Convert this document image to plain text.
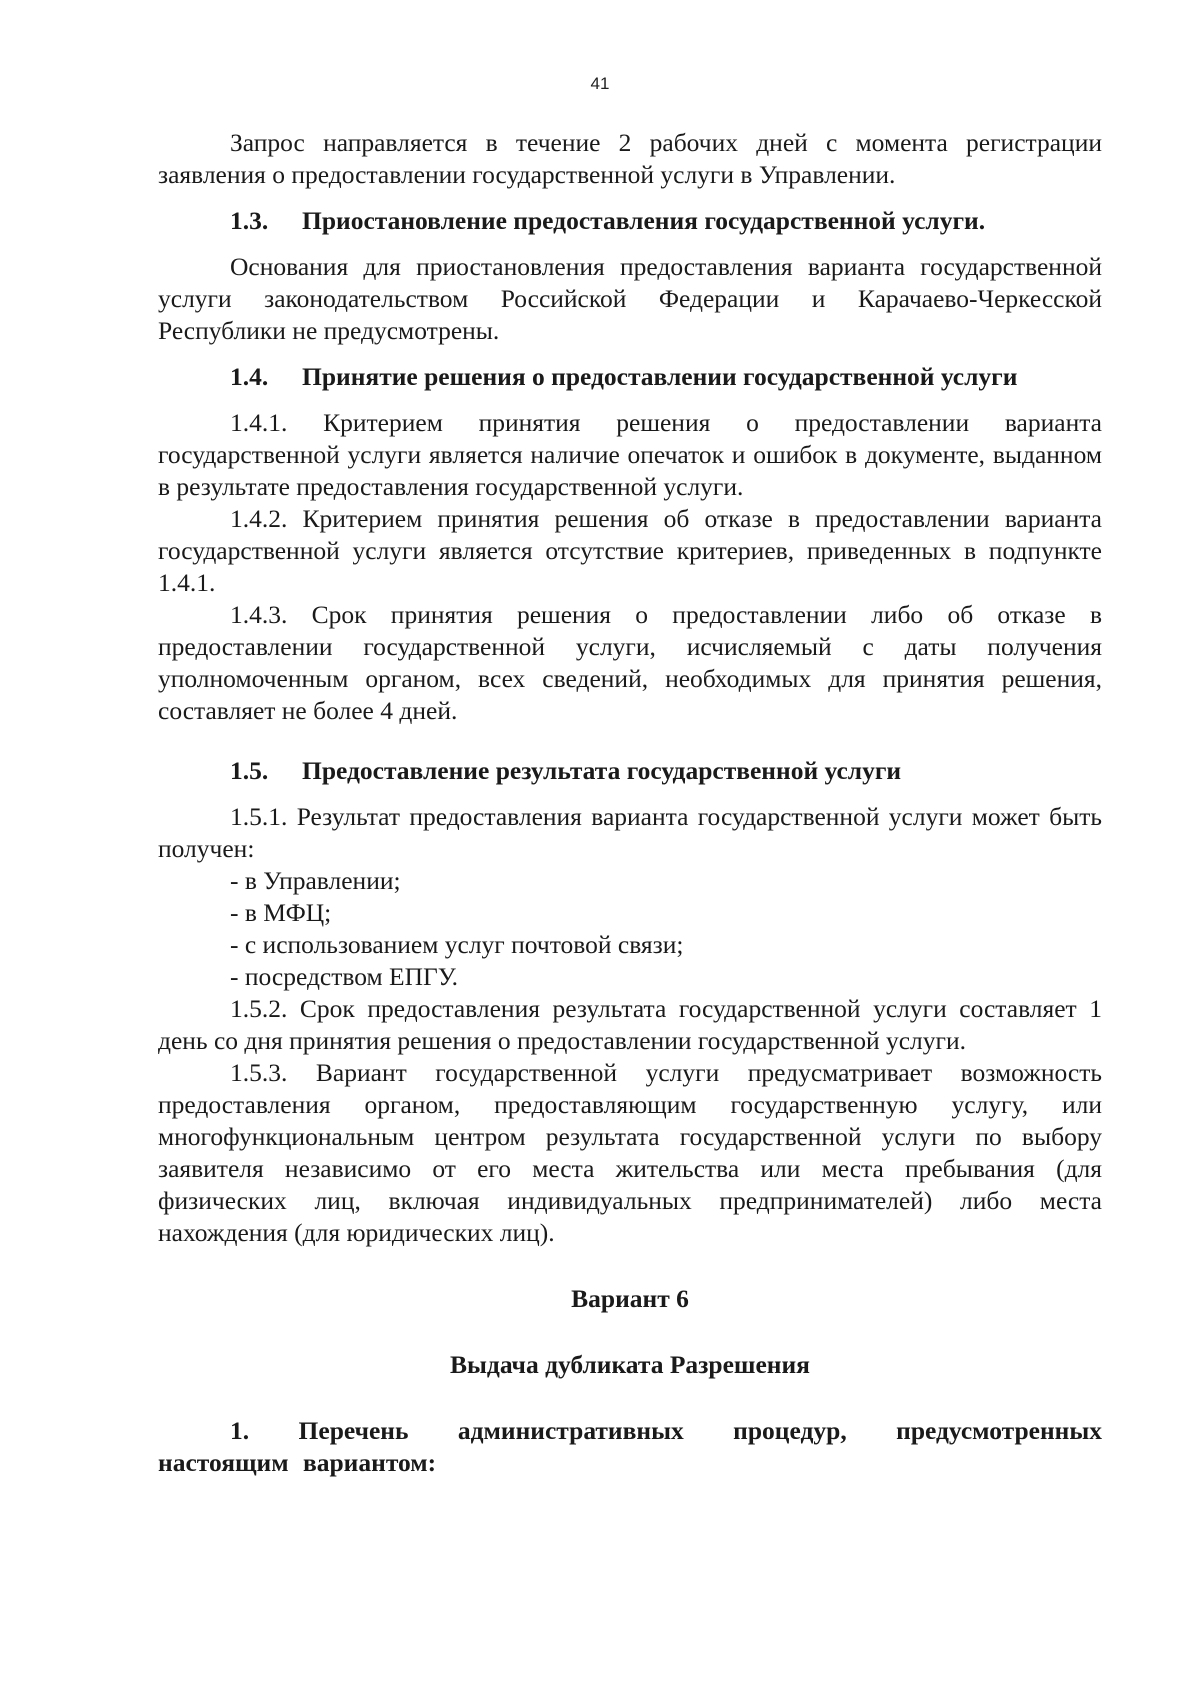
41

Запрос направляется в течение 2 рабочих дней с момента регистрации заявления о предоставлении государственной услуги в Управлении.

1.3.	Приостановление предоставления государственной услуги.

Основания для приостановления предоставления варианта государственной услуги законодательством Российской Федерации и Карачаево-Черкесской Республики не предусмотрены.

1.4.	Принятие решения о предоставлении государственной услуги

1.4.1. Критерием принятия решения о предоставлении варианта государственной услуги является наличие опечаток и ошибок в документе, выданном в результате предоставления государственной услуги.

1.4.2. Критерием принятия решения об отказе в предоставлении варианта государственной услуги является отсутствие критериев, приведенных в подпункте 1.4.1.

1.4.3. Срок принятия решения о предоставлении либо об отказе в предоставлении государственной услуги, исчисляемый с даты получения уполномоченным органом, всех сведений, необходимых для принятия решения, составляет не более 4 дней.

1.5.	Предоставление результата государственной услуги

1.5.1. Результат предоставления варианта государственной услуги может быть получен:

- в Управлении;

- в МФЦ;

- с использованием услуг почтовой связи;

- посредством ЕПГУ.

1.5.2. Срок предоставления результата государственной услуги составляет 1 день со дня принятия решения о предоставлении государственной услуги.

1.5.3. Вариант государственной услуги предусматривает возможность предоставления органом, предоставляющим государственную услугу, или многофункциональным центром результата государственной услуги по выбору заявителя независимо от его места жительства или места пребывания (для физических лиц, включая индивидуальных предпринимателей) либо места нахождения (для юридических лиц).

Вариант 6

Выдача дубликата Разрешения

1. Перечень административных процедур, предусмотренных настоящим вариантом:
